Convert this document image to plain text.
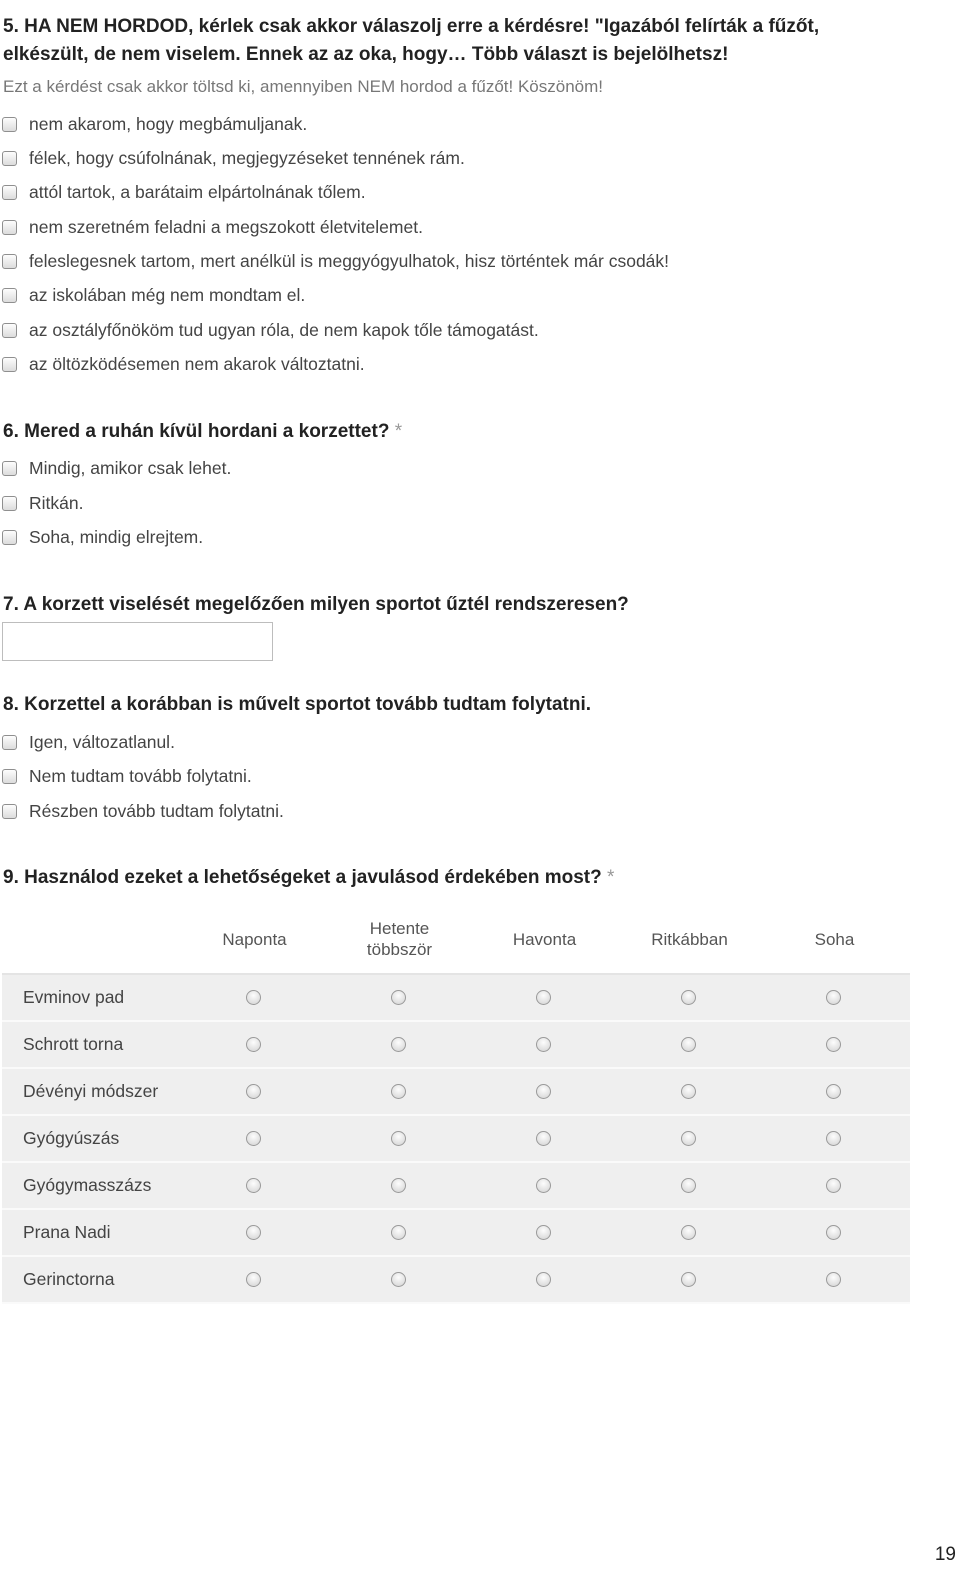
5. HA NEM HORDOD, kérlek csak akkor válaszolj erre a kérdésre! "Igazából felírták a fűzőt,
elkészült, de nem viselem. Ennek az az oka, hogy… Több választ is bejelölhetsz!
Ezt a kérdést csak akkor töltsd ki, amennyiben NEM hordod a fűzőt! Köszönöm!
nem akarom, hogy megbámuljanak.
félek, hogy csúfolnának, megjegyzéseket tennének rám.
attól tartok, a barátaim elpártolnának tőlem.
nem szeretném feladni a megszokott életvitelemet.
feleslegesnek tartom, mert anélkül is meggyógyulhatok, hisz történtek már csodák!
az iskolában még nem mondtam el.
az osztályfőnököm tud ugyan róla, de nem kapok tőle támogatást.
az öltözködésemen nem akarok változtatni.
6. Mered a ruhán kívül hordani a korzettet? *
Mindig, amikor csak lehet.
Ritkán.
Soha, mindig elrejtem.
7. A korzett viselését megelőzően milyen sportot űztél rendszeresen?
8. Korzettel a korábban is művelt sportot tovább tudtam folytatni.
Igen, változatlanul.
Nem tudtam tovább folytatni.
Részben tovább tudtam folytatni.
9. Használod ezeket a lehetőségeket a javulásod érdekében most? *
Naponta
Hetente
többször
Havonta	Ritkábban	Soha
Evminov pad
Schrott torna
Dévényi módszer
Gyógyúszás
Gyógymasszázs
Prana Nadi
Gerinctorna
19
